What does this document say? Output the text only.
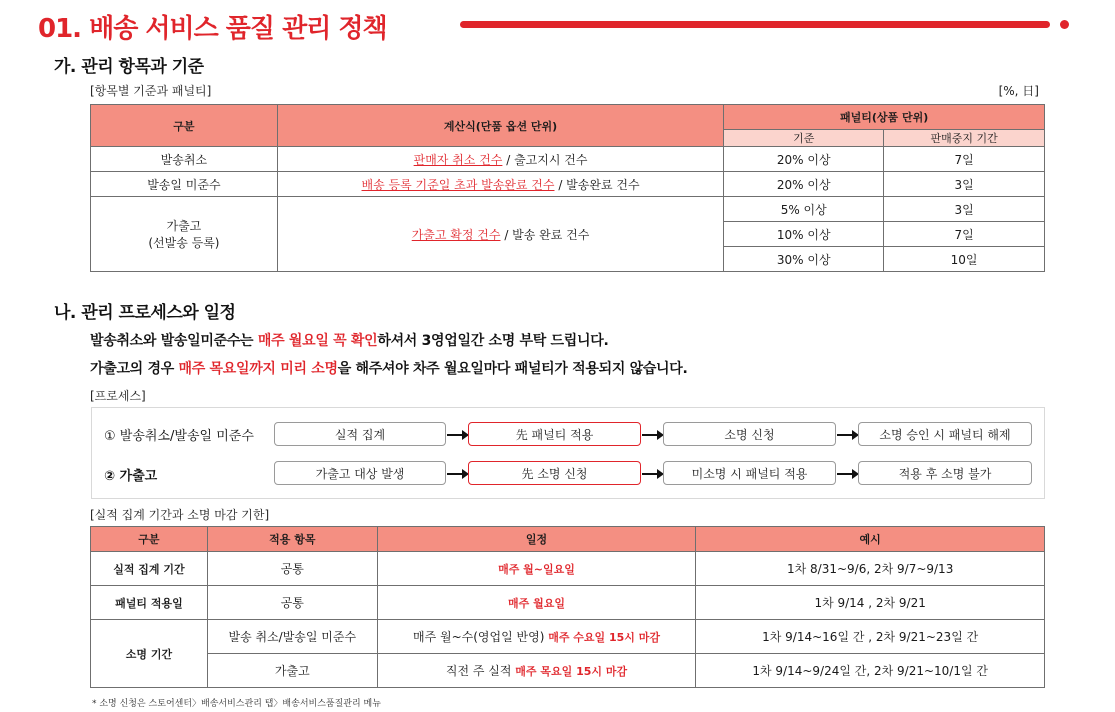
01. 배송 서비스 품질 관리 정책
가. 관리 항목과 기준
[항목별 기준과 패널티]	[%, 日]
구분	계산식(단품 옵션 단위)	패널티(상품 단위)	
		기준	판매중지 기간
발송취소	판매자 취소 건수 / 출고지시 건수	20% 이상	7일
발송일 미준수	배송 등록 기준일 초과 발송완료 건수 / 발송완료 건수	20% 이상	3일
가출고
(선발송 등록)	가출고 확정 건수 / 발송 완료 건수	5% 이상	3일
		10% 이상	7일
		30% 이상	10일
나. 관리 프로세스와 일정
발송취소와 발송일미준수는 매주 월요일 꼭 확인하셔서 3영업일간 소명 부탁 드립니다.
가출고의 경우 매주 목요일까지 미리 소명을 해주셔야 차주 월요일마다 패널티가 적용되지 않습니다.
[프로세스]
① 발송취소/발송일 미준수	실적 집계	先 패널티 적용	소명 신청	소명 승인 시 패널티 해제
② 가출고	가출고 대상 발생	先 소명 신청	미소명 시 패널티 적용	적용 후 소명 불가
[실적 집계 기간과 소명 마감 기한]
구분	적용 항목	일정	예시
실적 집계 기간	공통	매주 월~일요일	1차 8/31~9/6, 2차 9/7~9/13
패널티 적용일	공통	매주 월요일	1차 9/14 , 2차 9/21
소명 기간	발송 취소/발송일 미준수	매주 월~수(영업일 반영) 매주 수요일 15시 마감	1차 9/14~16일 간 , 2차 9/21~23일 간
	가출고	직전 주 실적 매주 목요일 15시 마감	1차 9/14~9/24일 간, 2차 9/21~10/1일 간
* 소명 신청은 스토어센터〉배송서비스관리 탭〉배송서비스품질관리 메뉴
